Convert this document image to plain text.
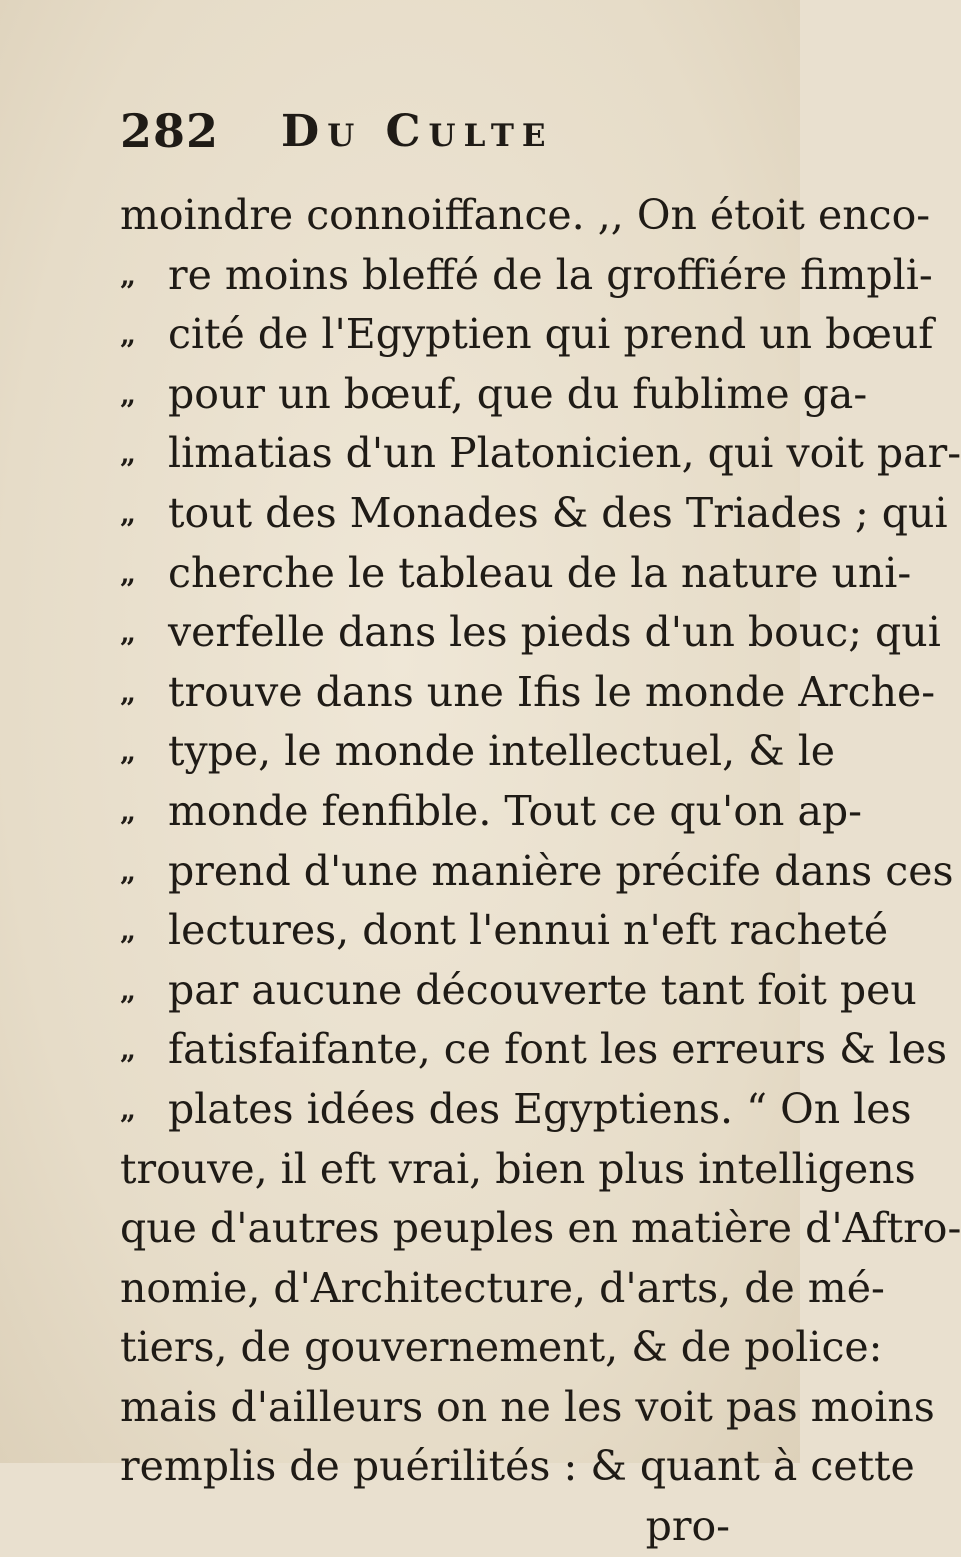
282 Du Culte
moindre connoiffance. ,, On étoit enco-
„ re moins bleffé de la groffiére fimpli-
„ cité de l'Egyptien qui prend un bœuf
„ pour un bœuf, que du fublime ga-
„ limatias d'un Platonicien, qui voit par-
„ tout des Monades & des Triades ; qui
„ cherche le tableau de la nature uni-
„ verfelle dans les pieds d'un bouc; qui
„ trouve dans une Ifis le monde Arche-
„ type, le monde intellectuel, & le
„ monde fenfible. Tout ce qu'on ap-
„ prend d'une manière précife dans ces
„ lectures, dont l'ennui n'eft racheté
„ par aucune découverte tant foit peu
„ fatisfaifante, ce font les erreurs & les
„ plates idées des Egyptiens. “ On les
trouve, il eft vrai, bien plus intelligens
que d'autres peuples en matière d'Aftro-
nomie, d'Architecture, d'arts, de mé-
tiers, de gouvernement, & de police:
mais d'ailleurs on ne les voit pas moins
remplis de puérilités : & quant à cette
pro-
